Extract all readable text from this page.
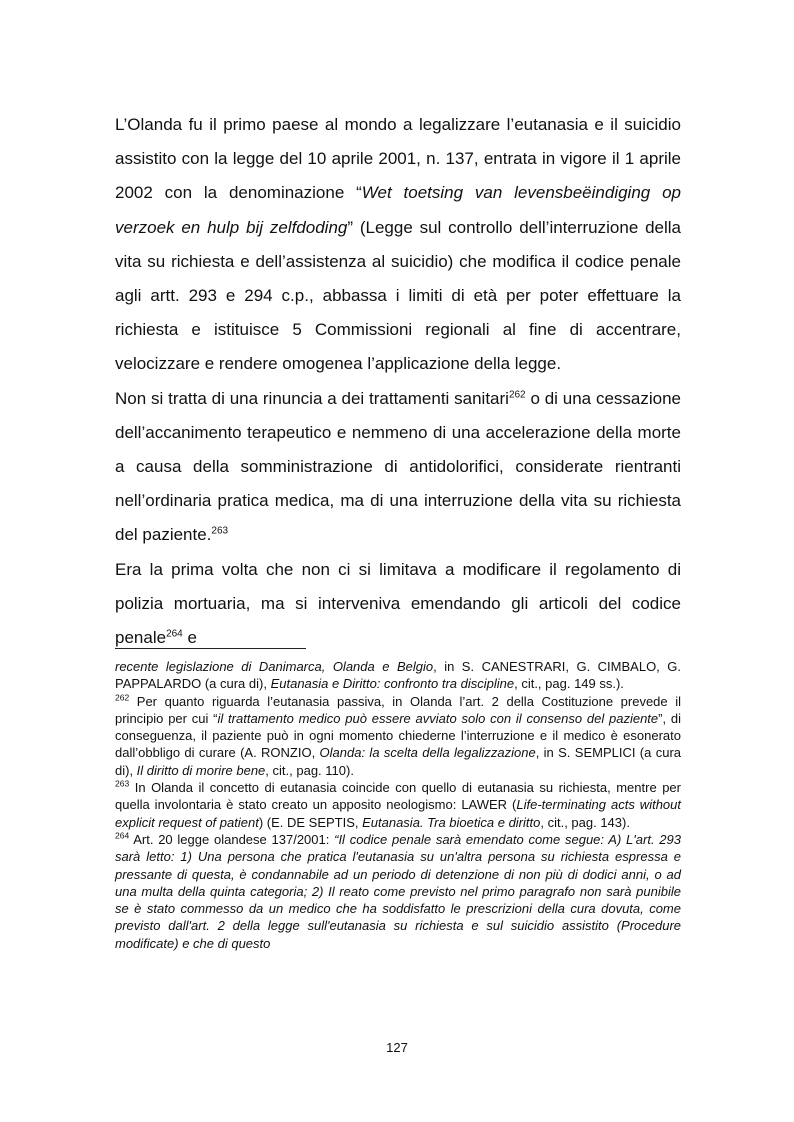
L’Olanda fu il primo paese al mondo a legalizzare l’eutanasia e il suicidio assistito con la legge del 10 aprile 2001, n. 137, entrata in vigore il 1 aprile 2002 con la denominazione “Wet toetsing van levensbeëindiging op verzoek en hulp bij zelfdoding” (Legge sul controllo dell’interruzione della vita su richiesta e dell’assistenza al suicidio) che modifica il codice penale agli artt. 293 e 294 c.p., abbassa i limiti di età per poter effettuare la richiesta e istituisce 5 Commissioni regionali al fine di accentrare, velocizzare e rendere omogenea l’applicazione della legge.

Non si tratta di una rinuncia a dei trattamenti sanitari$^{262}$ o di una cessazione dell’accanimento terapeutico e nemmeno di una accelerazione della morte a causa della somministrazione di antidolorifici, considerate rientranti nell’ordinaria pratica medica, ma di una interruzione della vita su richiesta del paziente.$^{263}$

Era la prima volta che non ci si limitava a modificare il regolamento di polizia mortuaria, ma si interveniva emendando gli articoli del codice penale$^{264}$ e

recente legislazione di Danimarca, Olanda e Belgio, in S. CANESTRARI, G. CIMBALO, G. PAPPALARDO (a cura di), Eutanasia e Diritto: confronto tra discipline, cit., pag. 149 ss.).

$^{262}$ Per quanto riguarda l’eutanasia passiva, in Olanda l’art. 2 della Costituzione prevede il principio per cui “il trattamento medico può essere avviato solo con il consenso del paziente”, di conseguenza, il paziente può in ogni momento chiederne l’interruzione e il medico è esonerato dall’obbligo di curare (A. RONZIO, Olanda: la scelta della legalizzazione, in S. SEMPLICI (a cura di), Il diritto di morire bene, cit., pag. 110).

$^{263}$ In Olanda il concetto di eutanasia coincide con quello di eutanasia su richiesta, mentre per quella involontaria è stato creato un apposito neologismo: LAWER (Life-terminating acts without explicit request of patient) (E. DE SEPTIS, Eutanasia. Tra bioetica e diritto, cit., pag. 143).

$^{264}$ Art. 20 legge olandese 137/2001: “Il codice penale sarà emendato come segue: A) L'art. 293 sarà letto: 1) Una persona che pratica l'eutanasia su un'altra persona su richiesta espressa e pressante di questa, è condannabile ad un periodo di detenzione di non più di dodici anni, o ad una multa della quinta categoria; 2) Il reato come previsto nel primo paragrafo non sarà punibile se è stato commesso da un medico che ha soddisfatto le prescrizioni della cura dovuta, come previsto dall'art. 2 della legge sull'eutanasia su richiesta e sul suicidio assistito (Procedure modificate) e che di questo

127
